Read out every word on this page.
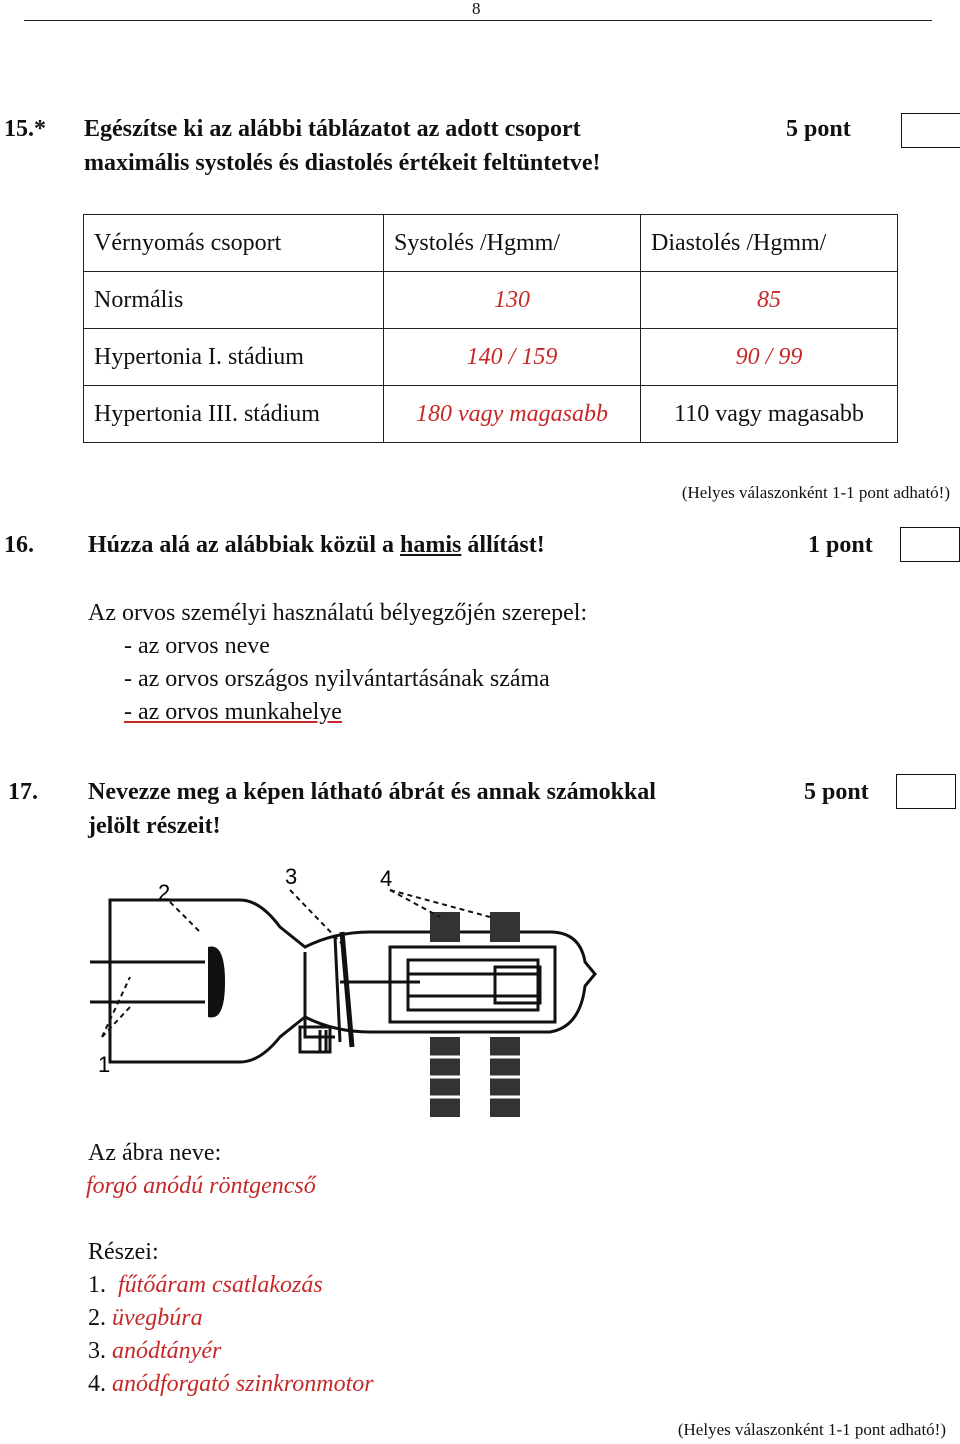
8
15.* Egészítse ki az alábbi táblázatot az adott csoport
maximális systolés és diastolés értékeit feltüntetve!
5 pont
Vérnyomás csoport	Systolés /Hgmm/	Diastolés /Hgmm/
Normális	130	85
Hypertonia I. stádium	140 / 159	90 / 99
Hypertonia III. stádium	180 vagy magasabb	110 vagy magasabb
(Helyes válaszonként 1-1 pont adható!)
16. Húzza alá az alábbiak közül a hamis állítást!	1 pont
Az orvos személyi használatú bélyegzőjén szerepel:
- az orvos neve
- az orvos országos nyilvántartásának száma
- az orvos munkahelye
17. Nevezze meg a képen látható ábrát és annak számokkal
jelölt részeit!
5 pont
1
2
3	4
Az ábra neve:
forgó anódú röntgencső
Részei:
1. fűtőáram csatlakozás
2. üvegbúra
3. anódtányér
4. anódforgató szinkronmotor
(Helyes válaszonként 1-1 pont adható!)
